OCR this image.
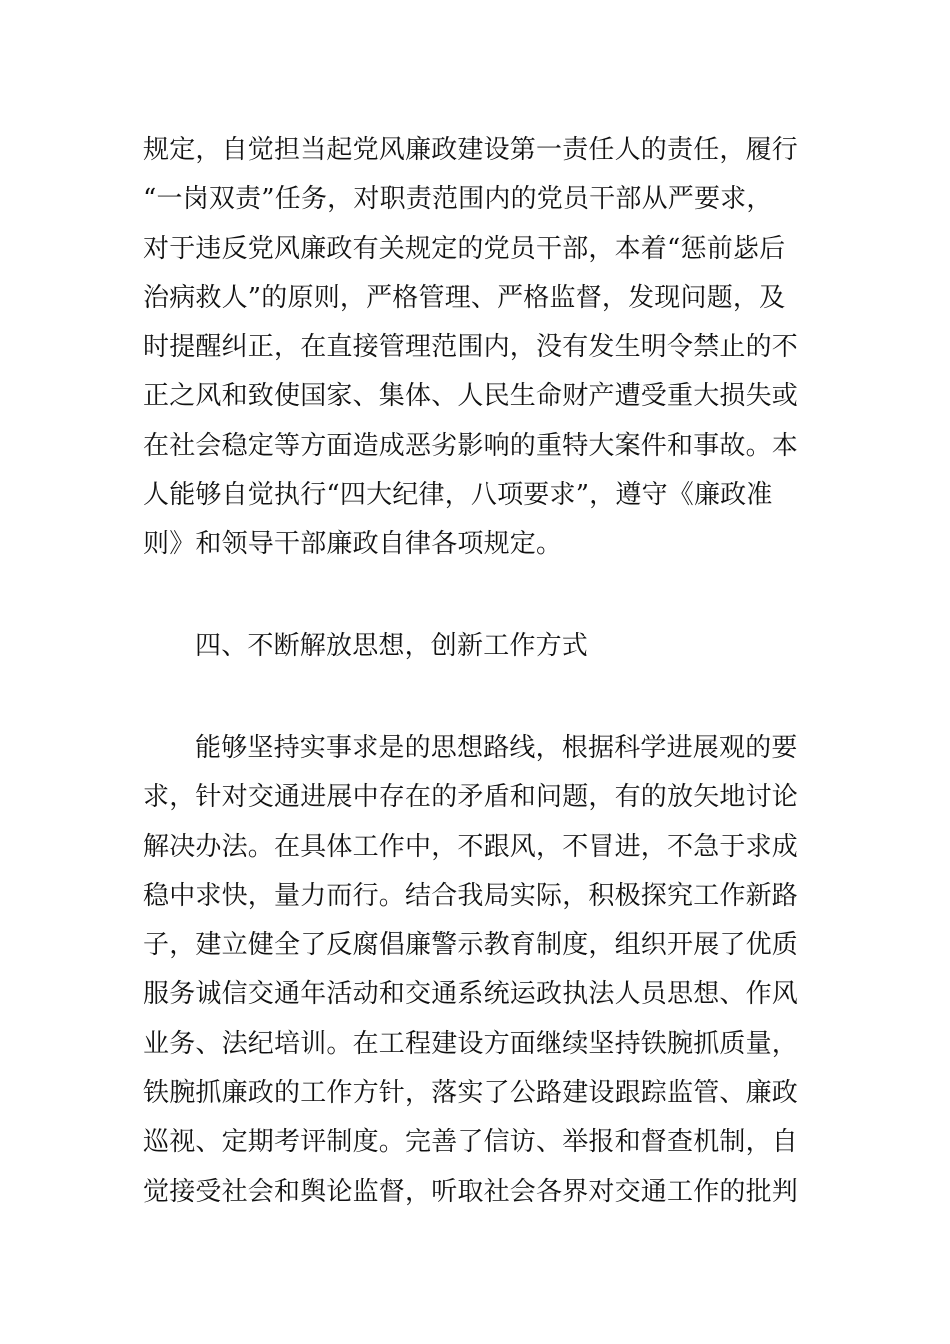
规定，自觉担当起党风廉政建设第一责任人的责任，履行
“一岗双责”任务，对职责范围内的党员干部从严要求，
对于违反党风廉政有关规定的党员干部，本着“惩前毖后
治病救人”的原则，严格管理、严格监督，发现问题，及
时提醒纠正，在直接管理范围内，没有发生明令禁止的不
正之风和致使国家、集体、人民生命财产遭受重大损失或
在社会稳定等方面造成恶劣影响的重特大案件和事故。本
人能够自觉执行“四大纪律，八项要求”，遵守《廉政准
则》和领导干部廉政自律各项规定。
四、不断解放思想，创新工作方式
能够坚持实事求是的思想路线，根据科学进展观的要
求，针对交通进展中存在的矛盾和问题，有的放矢地讨论
解决办法。在具体工作中，不跟风，不冒进，不急于求成
稳中求快，量力而行。结合我局实际，积极探究工作新路
子，建立健全了反腐倡廉警示教育制度，组织开展了优质
服务诚信交通年活动和交通系统运政执法人员思想、作风
业务、法纪培训。在工程建设方面继续坚持铁腕抓质量，
铁腕抓廉政的工作方针，落实了公路建设跟踪监管、廉政
巡视、定期考评制度。完善了信访、举报和督查机制，自
觉接受社会和舆论监督，听取社会各界对交通工作的批判
